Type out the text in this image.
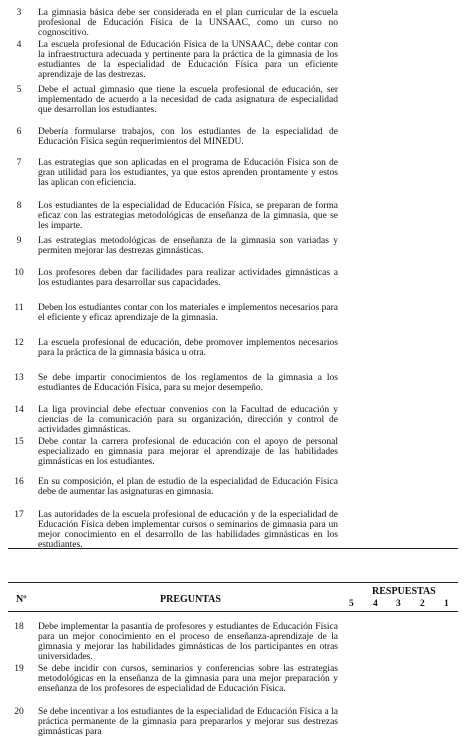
3	La gimnasia básica debe ser considerada en el plan curricular de la escuela profesional de Educación Física de la UNSAAC, como un curso no cognoscitivo.
4	La escuela profesional de Educación Física de la UNSAAC, debe contar con la infraestructura adecuada y pertinente para la práctica de la gimnasia de los estudiantes de la especialidad de Educación Física para un eficiente aprendizaje de las destrezas.
5	Debe el actual gimnasio que tiene la escuela profesional de educación, ser implementado de acuerdo a la necesidad de cada asignatura de especialidad que desarrollan los estudiantes.
6	Debería formularse trabajos, con los estudiantes de la especialidad de Educación Física según requerimientos del MINEDU.
7	Las estrategias que son aplicadas en el programa de Educación Física son de gran utilidad para los estudiantes, ya que estos aprenden prontamente y estos las aplican con eficiencia.
8	Los estudiantes de la especialidad de Educación Física, se preparan de forma eficaz con las estrategias metodológicas de enseñanza de la gimnasia, que se les imparte.
9	Las estrategias metodológicas de enseñanza de la gimnasia son variadas y permiten mejorar las destrezas gimnásticas.
10	Los profesores deben dar facilidades para realizar actividades gimnásticas a los estudiantes para desarrollar sus capacidades.
11	Deben los estudiantes contar con los materiales e implementos necesarios para el eficiente y eficaz aprendizaje de la gimnasia.
12	La escuela profesional de educación, debe promover implementos necesarios para la práctica de la gimnasia básica u otra.
13	Se debe impartir conocimientos de los reglamentos de la gimnasia a los estudiantes de Educación Física, para su mejor desempeño.
14	La liga provincial debe efectuar convenios con la Facultad de educación y ciencias de la comunicación para su organización, dirección y control de actividades gimnásticas.
15	Debe contar la carrera profesional de educación con el apoyo de personal especializado en gimnasia para mejorar el aprendizaje de las habilidades gimnásticas en los estudiantes.
16	En su composición, el plan de estudio de la especialidad de Educación Física debe de aumentar las asignaturas en gimnasia.
17	Las autoridades de la escuela profesional de educación y de la especialidad de Educación Física deben implementar cursos o seminarios de gimnasia para un mejor conocimiento en el desarrollo de las habilidades gimnásticas en los estudiantes.
Nº	PREGUNTAS
RESPUESTAS
5 4 3 2 1
18	Debe implementar la pasantía de profesores y estudiantes de Educación Física para un mejor conocimiento en el proceso de enseñanza-aprendizaje de la gimnasia y mejorar las habilidades gimnásticas de los participantes en otras universidades.
19	Se debe incidir con cursos, seminarios y conferencias sobre las estrategias metodológicas en la enseñanza de la gimnasia para una mejor preparación y enseñanza de los profesores de especialidad de Educación Física.
20	Se debe incentivar a los estudiantes de la especialidad de Educación Física a la práctica permanente de la gimnasia para prepararlos y mejorar sus destrezas gimnásticas para
